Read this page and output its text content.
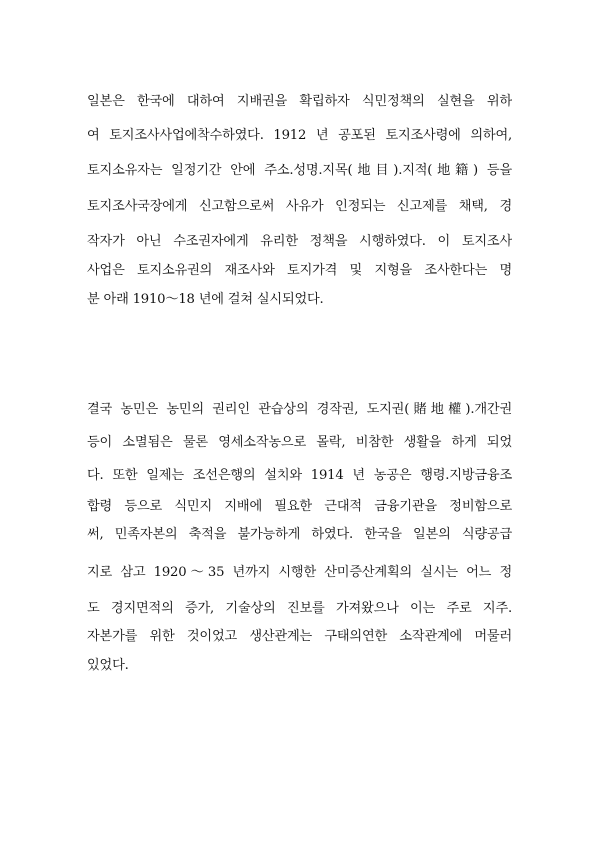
일본은 한국에 대하여 지배권을 확립하자 식민정책의 실현을 위하
여 토지조사사업에착수하였다. 1912 년 공포된 토지조사령에 의하여,
토지소유자는 일정기간 안에 주소.성명.지목(地目).지적(地籍) 등을
토지조사국장에게 신고함으로써 사유가 인정되는 신고제를 채택, 경
작자가 아닌 수조권자에게 유리한 정책을 시행하였다. 이 토지조사
사업은 토지소유권의 재조사와 토지가격 및 지형을 조사한다는 명
분 아래 1910～18 년에 걸쳐 실시되었다.
결국 농민은 농민의 권리인 관습상의 경작권, 도지권(賭地權).개간권
등이 소멸됨은 물론 영세소작농으로 몰락, 비참한 생활을 하게 되었
다. 또한 일제는 조선은행의 설치와 1914 년 농공은 행령.지방금융조
합령 등으로 식민지 지배에 필요한 근대적 금융기관을 정비함으로
써, 민족자본의 축적을 불가능하게 하였다. 한국을 일본의 식량공급
지로 삼고 1920～35 년까지 시행한 산미증산계획의 실시는 어느 정
도 경지면적의 증가, 기술상의 진보를 가져왔으나 이는 주로 지주.
자본가를 위한 것이었고 생산관계는 구태의연한 소작관계에 머물러
있었다.
